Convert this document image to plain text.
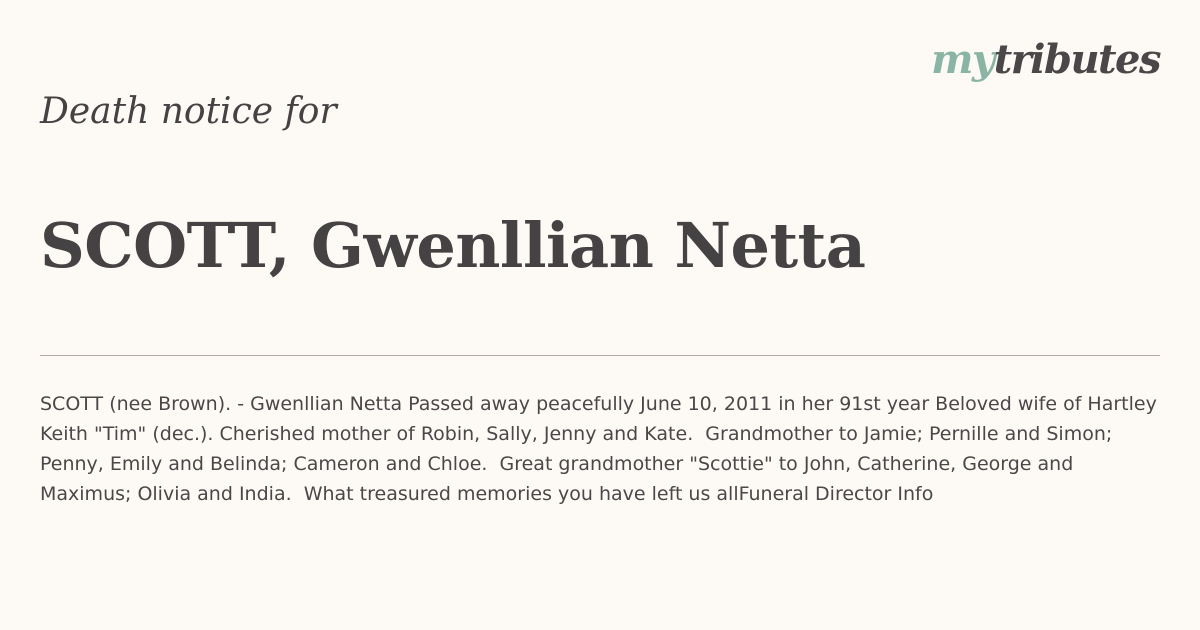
mytributes
Death notice for
SCOTT, Gwenllian Netta

SCOTT (nee Brown). - Gwenllian Netta Passed away peacefully June 10, 2011 in her 91st year Beloved wife of Hartley Keith "Tim" (dec.). Cherished mother of Robin, Sally, Jenny and Kate.  Grandmother to Jamie; Pernille and Simon; Penny, Emily and Belinda; Cameron and Chloe.  Great grandmother "Scottie" to John, Catherine, George and Maximus; Olivia and India.  What treasured memories you have left us allFuneral Director Info
